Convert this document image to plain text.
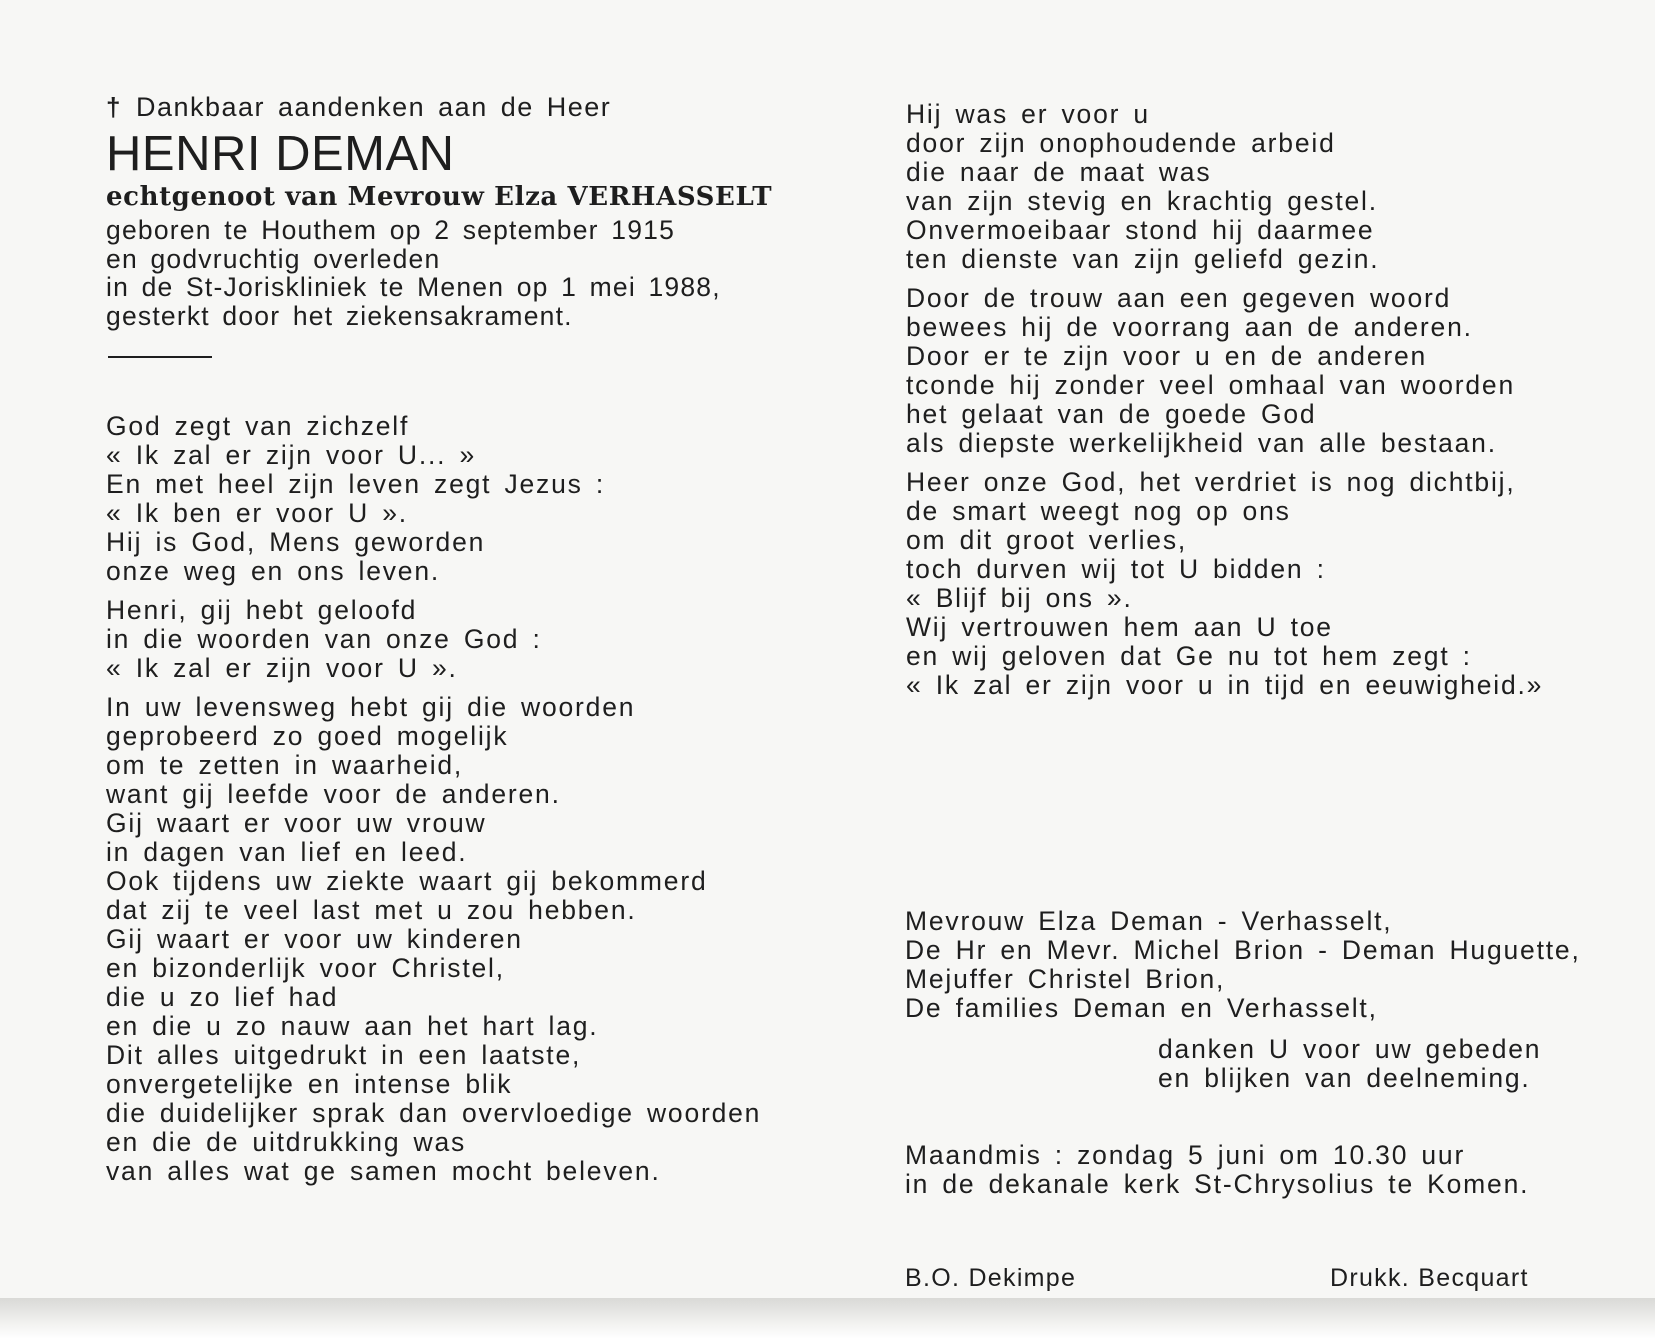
† Dankbaar aandenken aan de Heer
HENRI DEMAN
echtgenoot van Mevrouw Elza VERHASSELT
geboren te Houthem op 2 september 1915
en godvruchtig overleden
in de St-Joriskliniek te Menen op 1 mei 1988,
gesterkt door het ziekensakrament.
God zegt van zichzelf
« Ik zal er zijn voor U... »
En met heel zijn leven zegt Jezus :
« Ik ben er voor U ».
Hij is God, Mens geworden
onze weg en ons leven.
Henri, gij hebt geloofd
in die woorden van onze God :
« Ik zal er zijn voor U ».
In uw levensweg hebt gij die woorden
geprobeerd zo goed mogelijk
om te zetten in waarheid,
want gij leefde voor de anderen.
Gij waart er voor uw vrouw
in dagen van lief en leed.
Ook tijdens uw ziekte waart gij bekommerd
dat zij te veel last met u zou hebben.
Gij waart er voor uw kinderen
en bizonderlijk voor Christel,
die u zo lief had
en die u zo nauw aan het hart lag.
Dit alles uitgedrukt in een laatste,
onvergetelijke en intense blik
die duidelijker sprak dan overvloedige woorden
en die de uitdrukking was
van alles wat ge samen mocht beleven.
Hij was er voor u
door zijn onophoudende arbeid
die naar de maat was
van zijn stevig en krachtig gestel.
Onvermoeibaar stond hij daarmee
ten dienste van zijn geliefd gezin.
Door de trouw aan een gegeven woord
bewees hij de voorrang aan de anderen.
Door er te zijn voor u en de anderen
tconde hij zonder veel omhaal van woorden
het gelaat van de goede God
als diepste werkelijkheid van alle bestaan.
Heer onze God, het verdriet is nog dichtbij,
de smart weegt nog op ons
om dit groot verlies,
toch durven wij tot U bidden :
« Blijf bij ons ».
Wij vertrouwen hem aan U toe
en wij geloven dat Ge nu tot hem zegt :
« Ik zal er zijn voor u in tijd en eeuwigheid.»
Mevrouw Elza Deman - Verhasselt,
De Hr en Mevr. Michel Brion - Deman Huguette,
Mejuffer Christel Brion,
De families Deman en Verhasselt,
danken U voor uw gebeden
en blijken van deelneming.
Maandmis : zondag 5 juni om 10.30 uur
in de dekanale kerk St-Chrysolius te Komen.
B.O. Dekimpe	Drukk. Becquart
